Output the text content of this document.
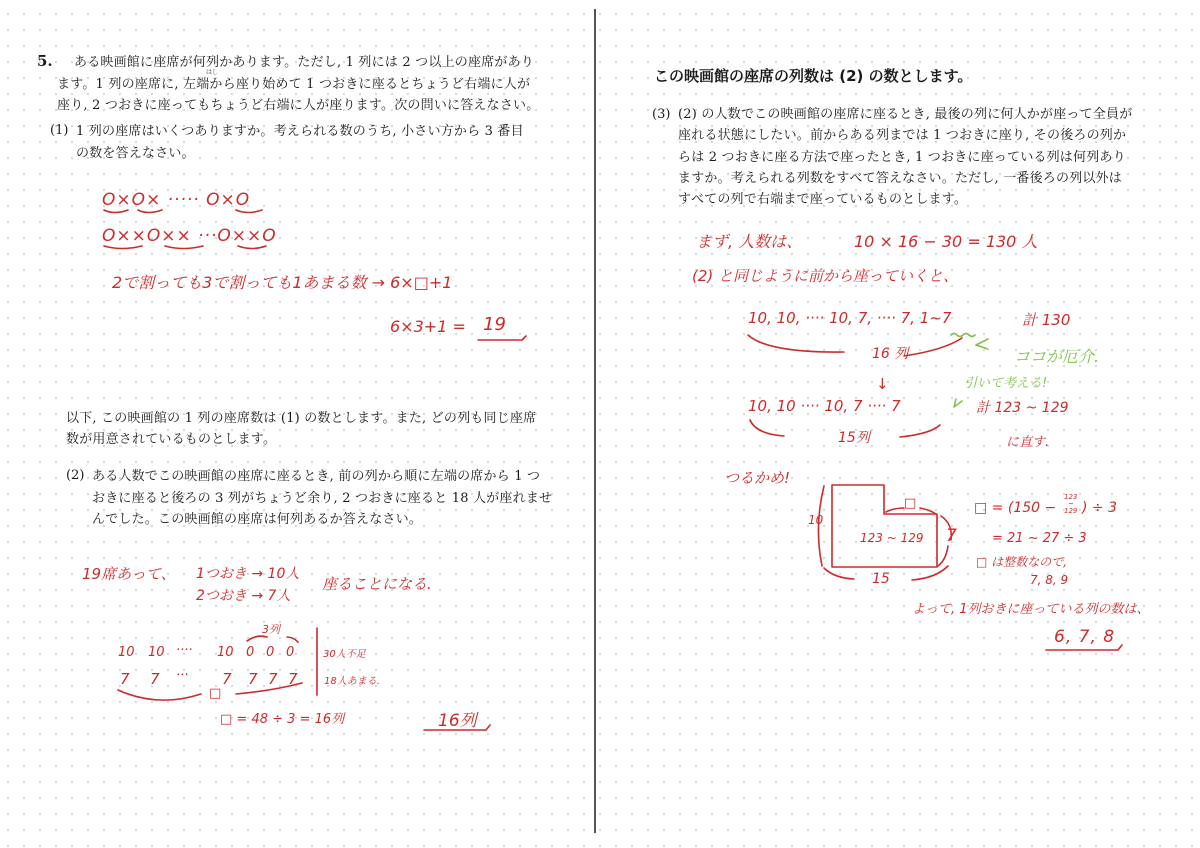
5.
はし
ある映画館に座席が何列かあります。ただし, 1 列には 2 つ以上の座席があり
ます。1 列の座席に, 左端から座り始めて 1 つおきに座るとちょうど右端に人が
座り, 2 つおきに座ってもちょうど右端に人が座ります。次の問いに答えなさい。
(1) 1 列の座席はいくつありますか。考えられる数のうち, 小さい方から 3 番目
の数を答えなさい。
O×O× ····· O×O
O××O×× ···O××O
2で割っても3で割っても1あまる数 → 6×□+1
6×3+1 = 19
以下, この映画館の 1 列の座席数は (1) の数とします。また, どの列も同じ座席
数が用意されているものとします。
(2) ある人数でこの映画館の座席に座るとき, 前の列から順に左端の席から 1 つ
おきに座ると後ろの 3 列がちょうど余り, 2 つおきに座ると 18 人が座れませ
んでした。この映画館の座席は何列あるか答えなさい。
19席あって、 1つおき → 10人
2つおき → 7人
座ることになる.
3列
10 10 ···· 10 0 0 0
7 7 ··· 7 7 7 7
30人不足
18人あまる.
□
□ = 48 ÷ 3 = 16列	16列
この映画館の座席の列数は (2) の数とします。
(3) (2) の人数でこの映画館の座席に座るとき, 最後の列に何人かが座って全員が
座れる状態にしたい。前からある列までは 1 つおきに座り, その後ろの列か
らは 2 つおきに座る方法で座ったとき, 1 つおきに座っている列は何列あり
ますか。考えられる列数をすべて答えなさい。ただし, 一番後ろの列以外は
すべての列で右端まで座っているものとします。
まず, 人数は、	10 × 16 − 30 = 130 人
(2) と同じように前から座っていくと、
10, 10, ···· 10, 7, ···· 7, 1~7	計 130
16 列	ココが厄介.
↓	引いて考える!
10, 10 ···· 10, 7 ···· 7	計 123 ~ 129
15列	に直す.
つるかめ!
10
123 ~ 129 7
15
□	□ = (150 −
123
~
129 ) ÷ 3
= 21 ~ 27 ÷ 3
□ は整数なので,
7, 8, 9
よって, 1列おきに座っている列の数は、
6, 7, 8
